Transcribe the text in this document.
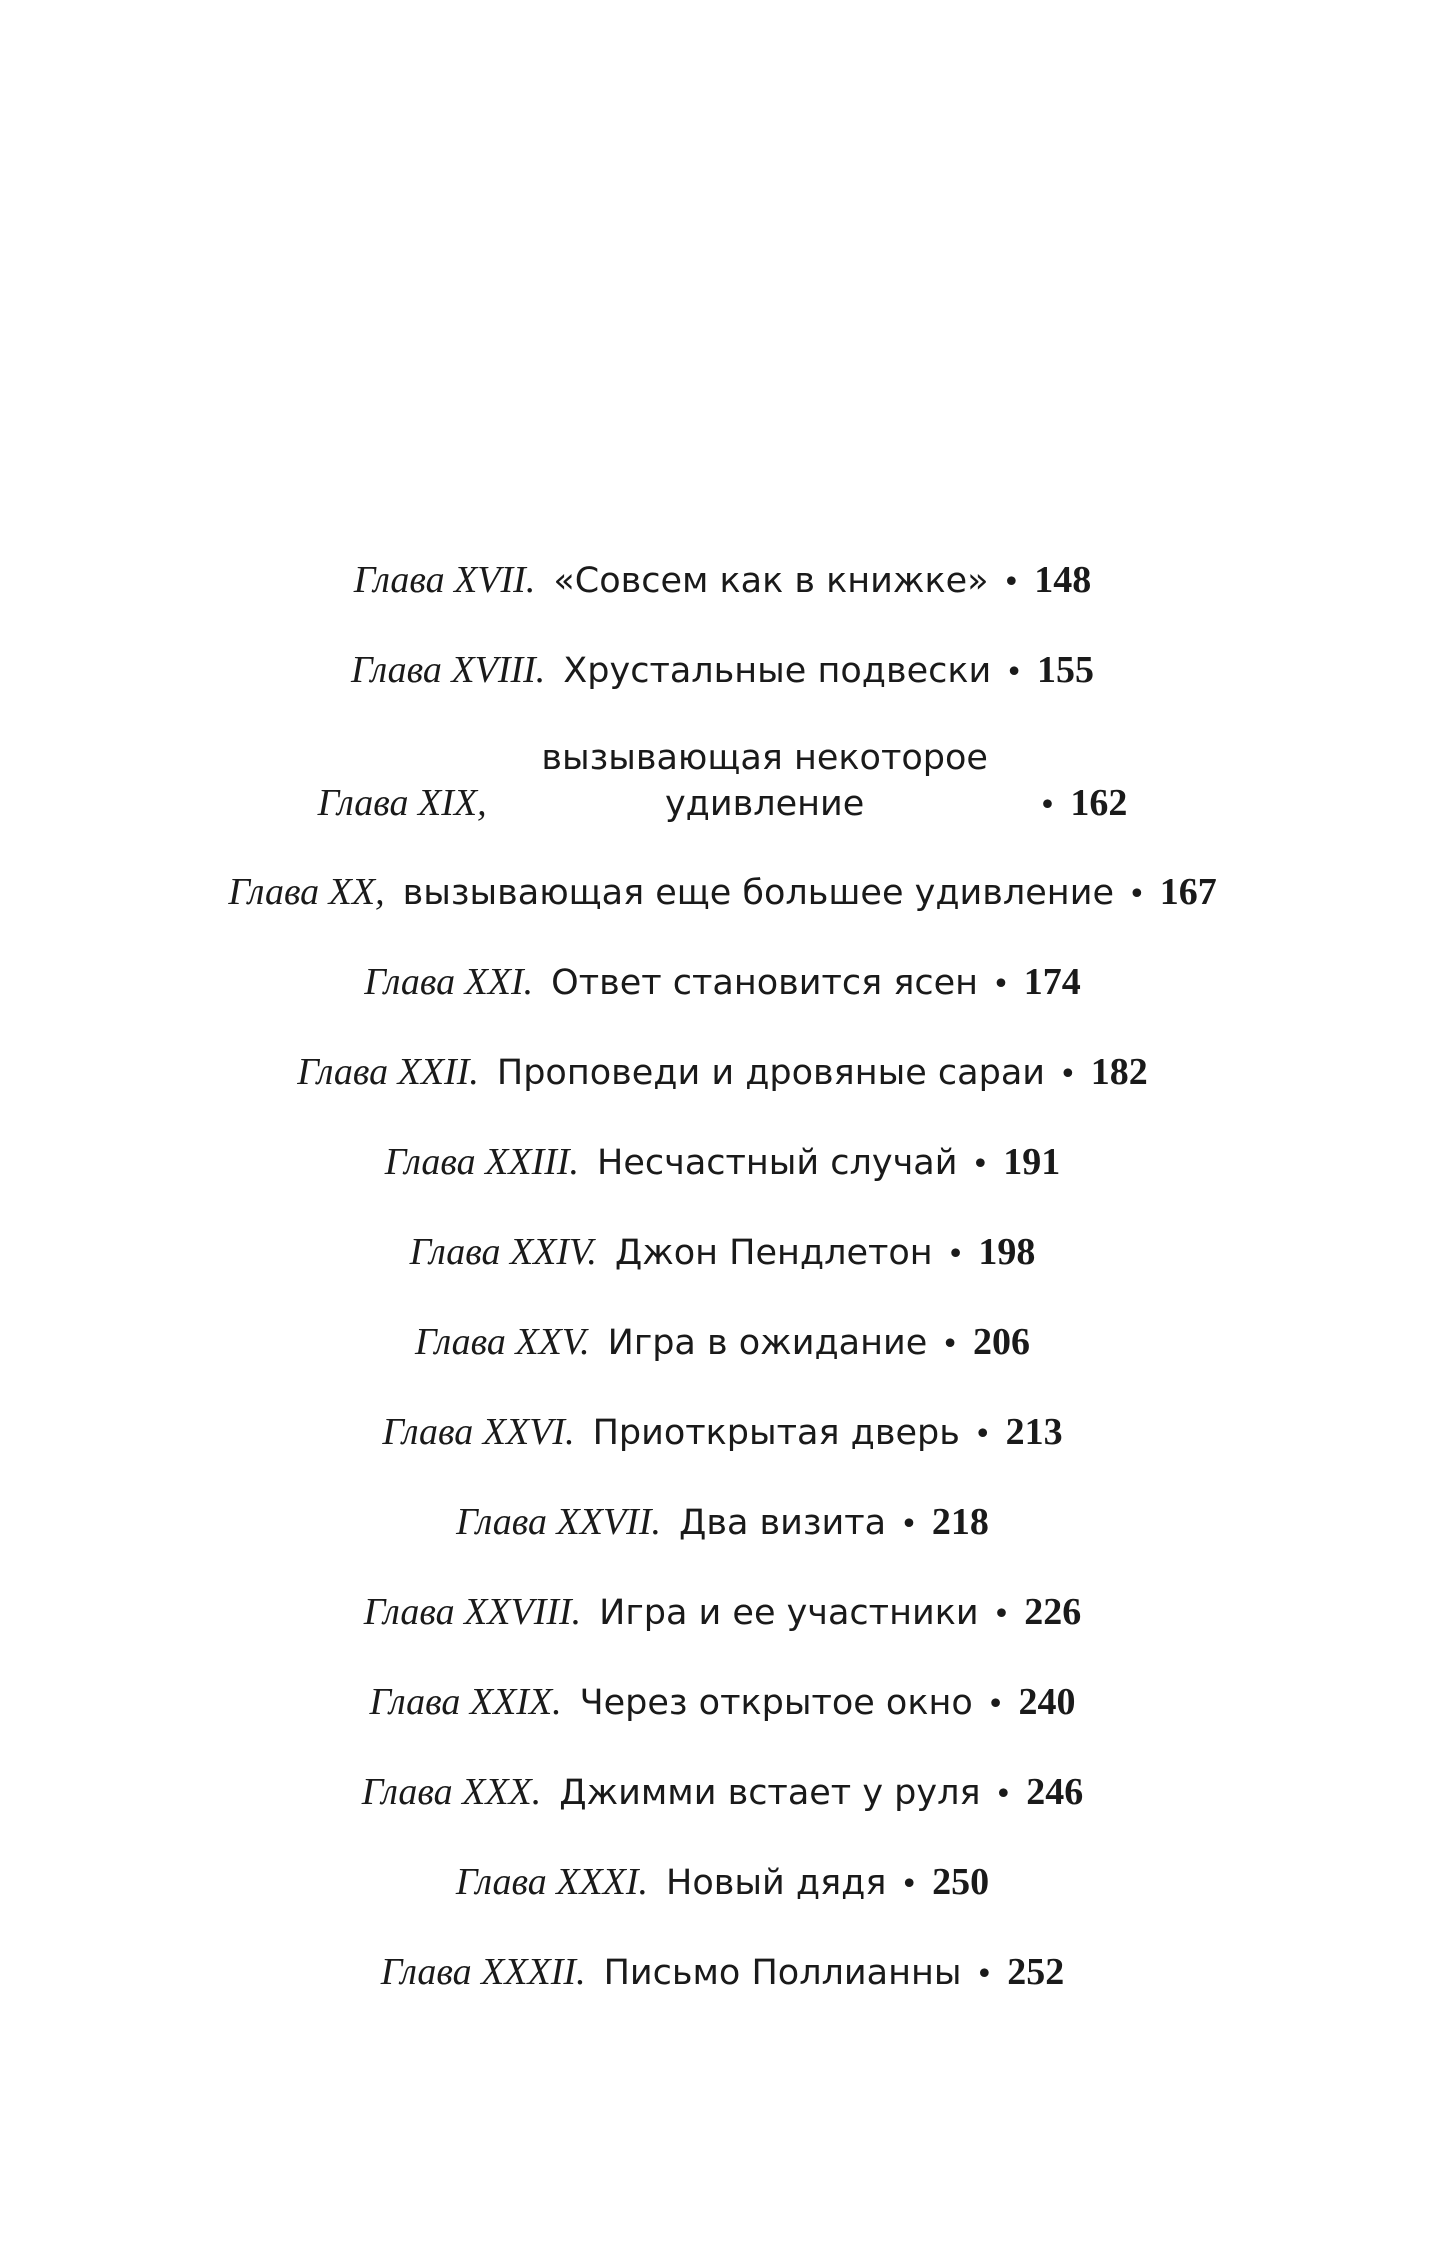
Глава XVII. «Совсем как в книжке» • 148
Глава XVIII. Хрустальные подвески • 155
Глава XIX,вызывающая некоторое удивление	• 162
Глава XX, вызывающая еще большее удивление • 167
Глава XXI. Ответ становится ясен • 174
Глава XXII. Проповеди и дровяные сараи • 182
Глава XXIII. Несчастный случай • 191
Глава XXIV. Джон Пендлетон • 198
Глава XXV. Игра в ожидание • 206
Глава XXVI. Приоткрытая дверь • 213
Глава XXVII. Два визита • 218
Глава XXVIII. Игра и ее участники • 226
Глава XXIX. Через открытое окно • 240
Глава XXX. Джимми встает у руля • 246
Глава XXXI. Новый дядя • 250
Глава XXXII. Письмо Поллианны • 252
